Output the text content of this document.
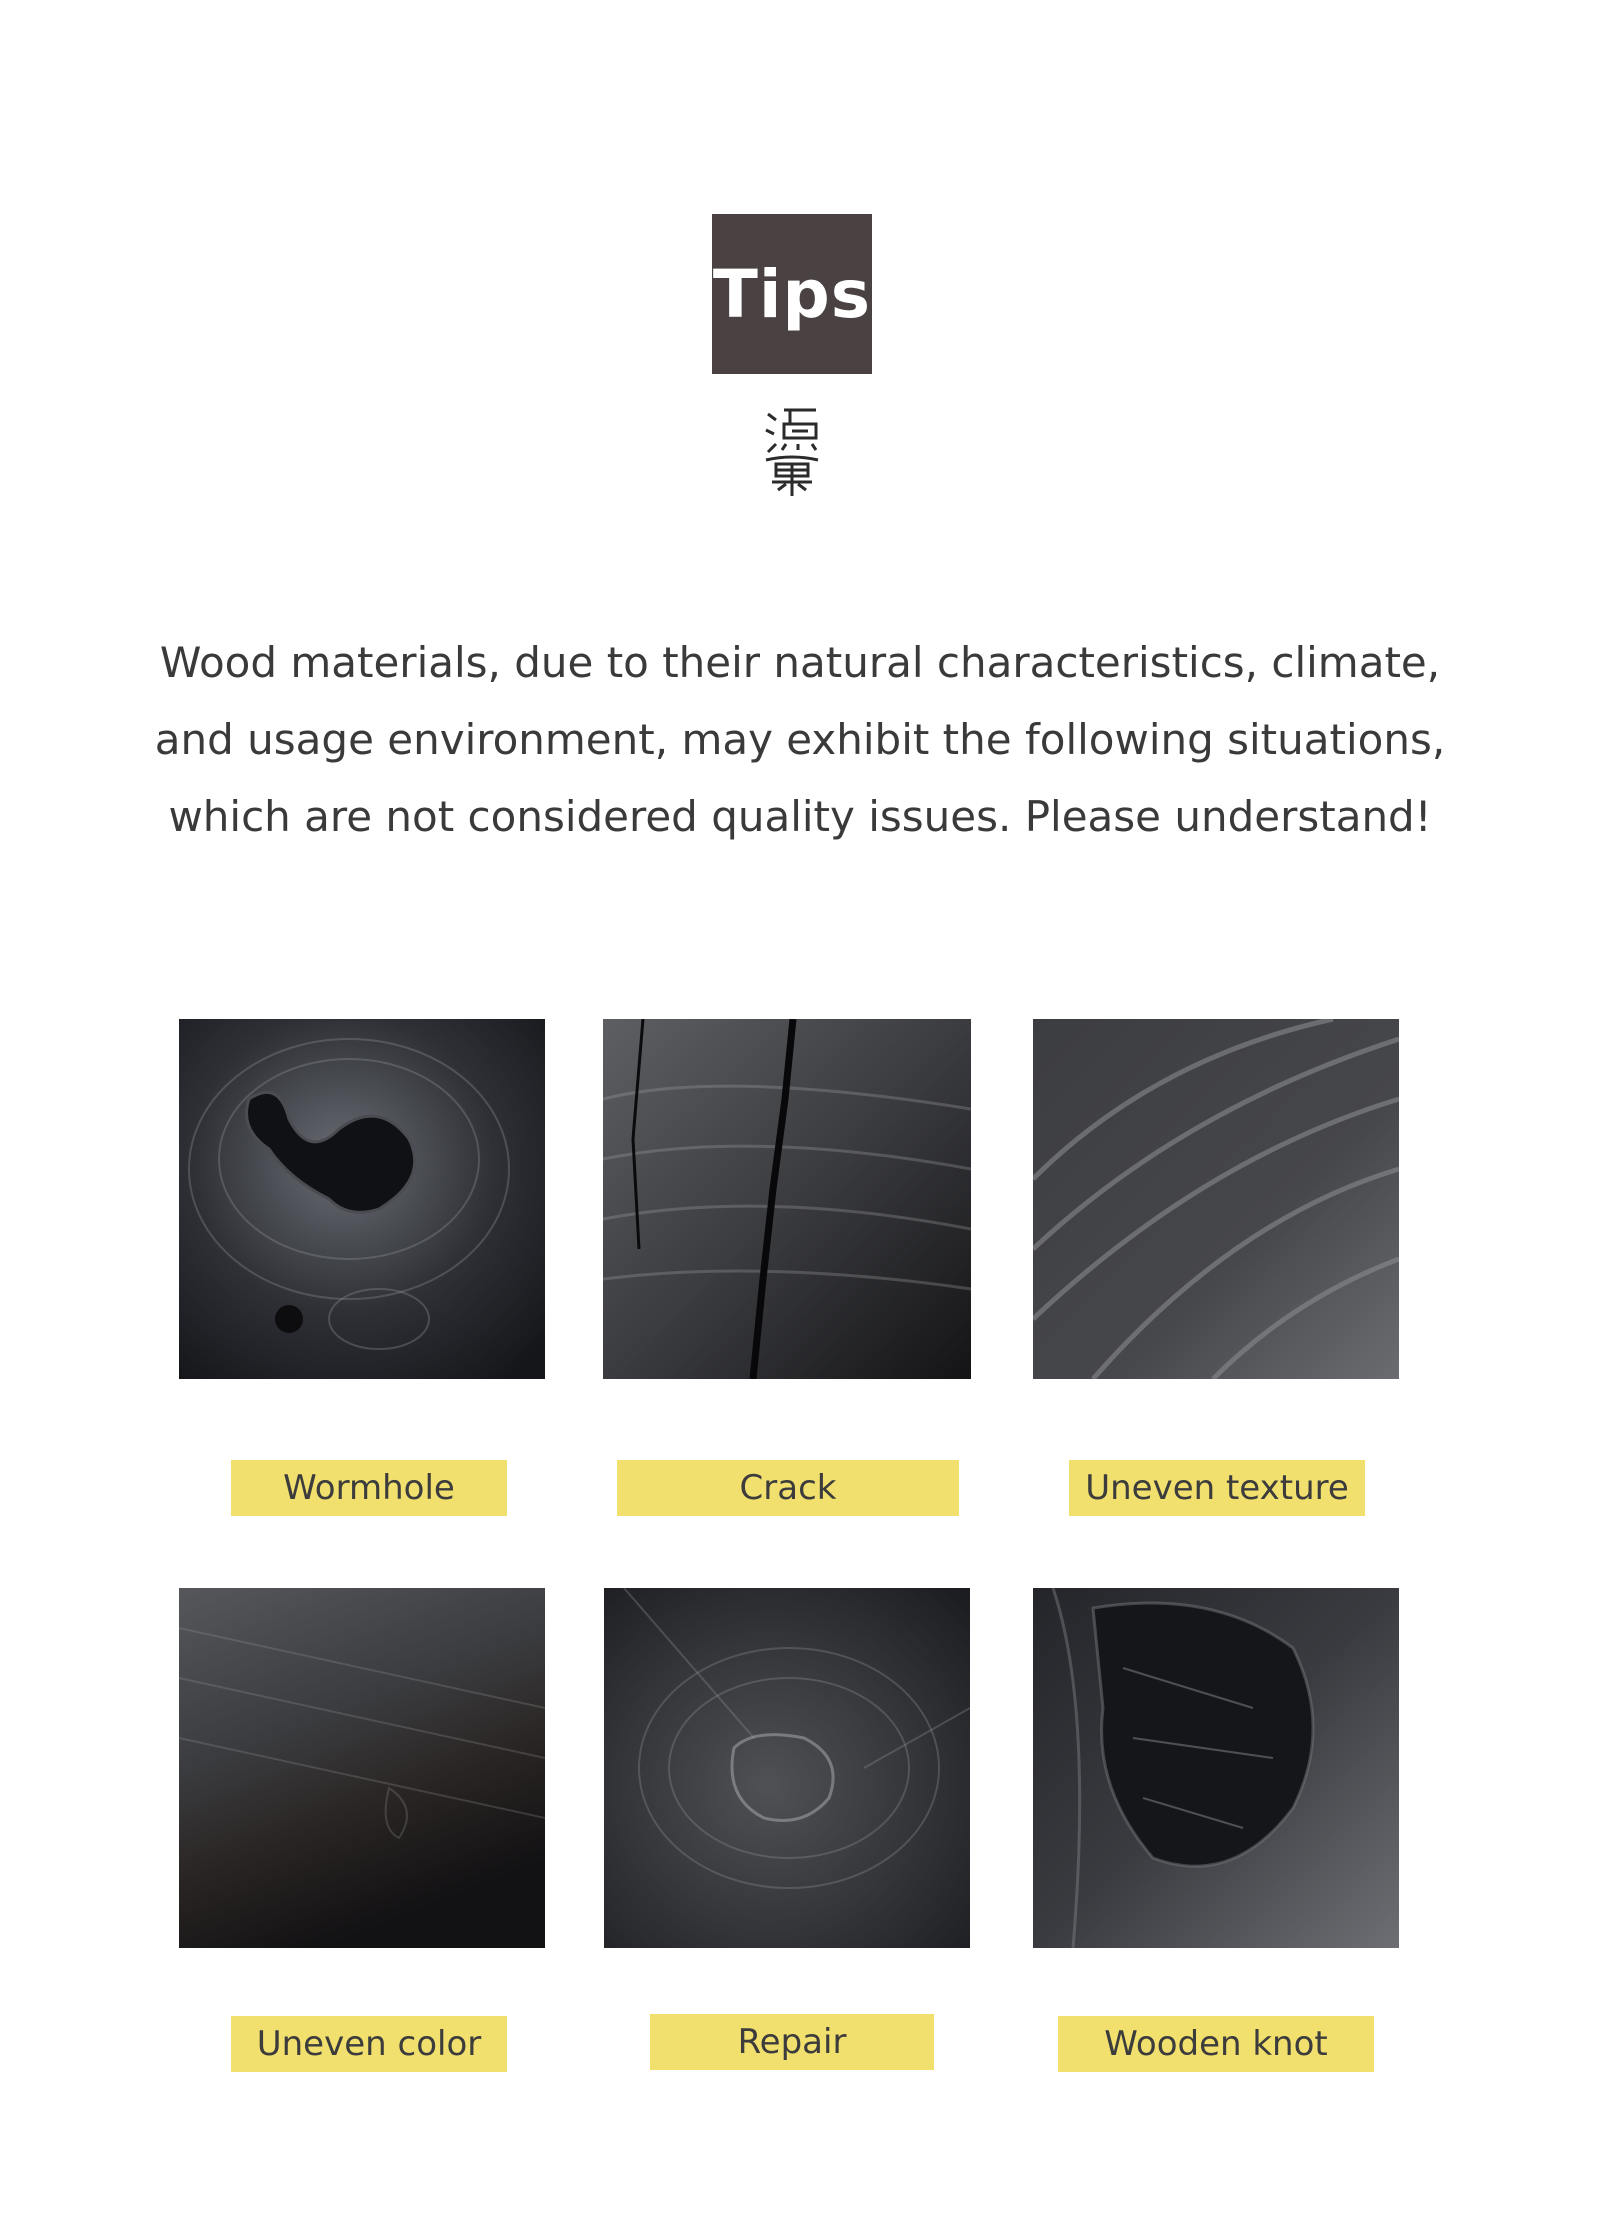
Tips
Wood materials, due to their natural characteristics, climate,
and usage environment, may exhibit the following situations,
which are not considered quality issues. Please understand!
Wormhole	Crack	Uneven texture
Uneven color	Repair	Wooden knot
